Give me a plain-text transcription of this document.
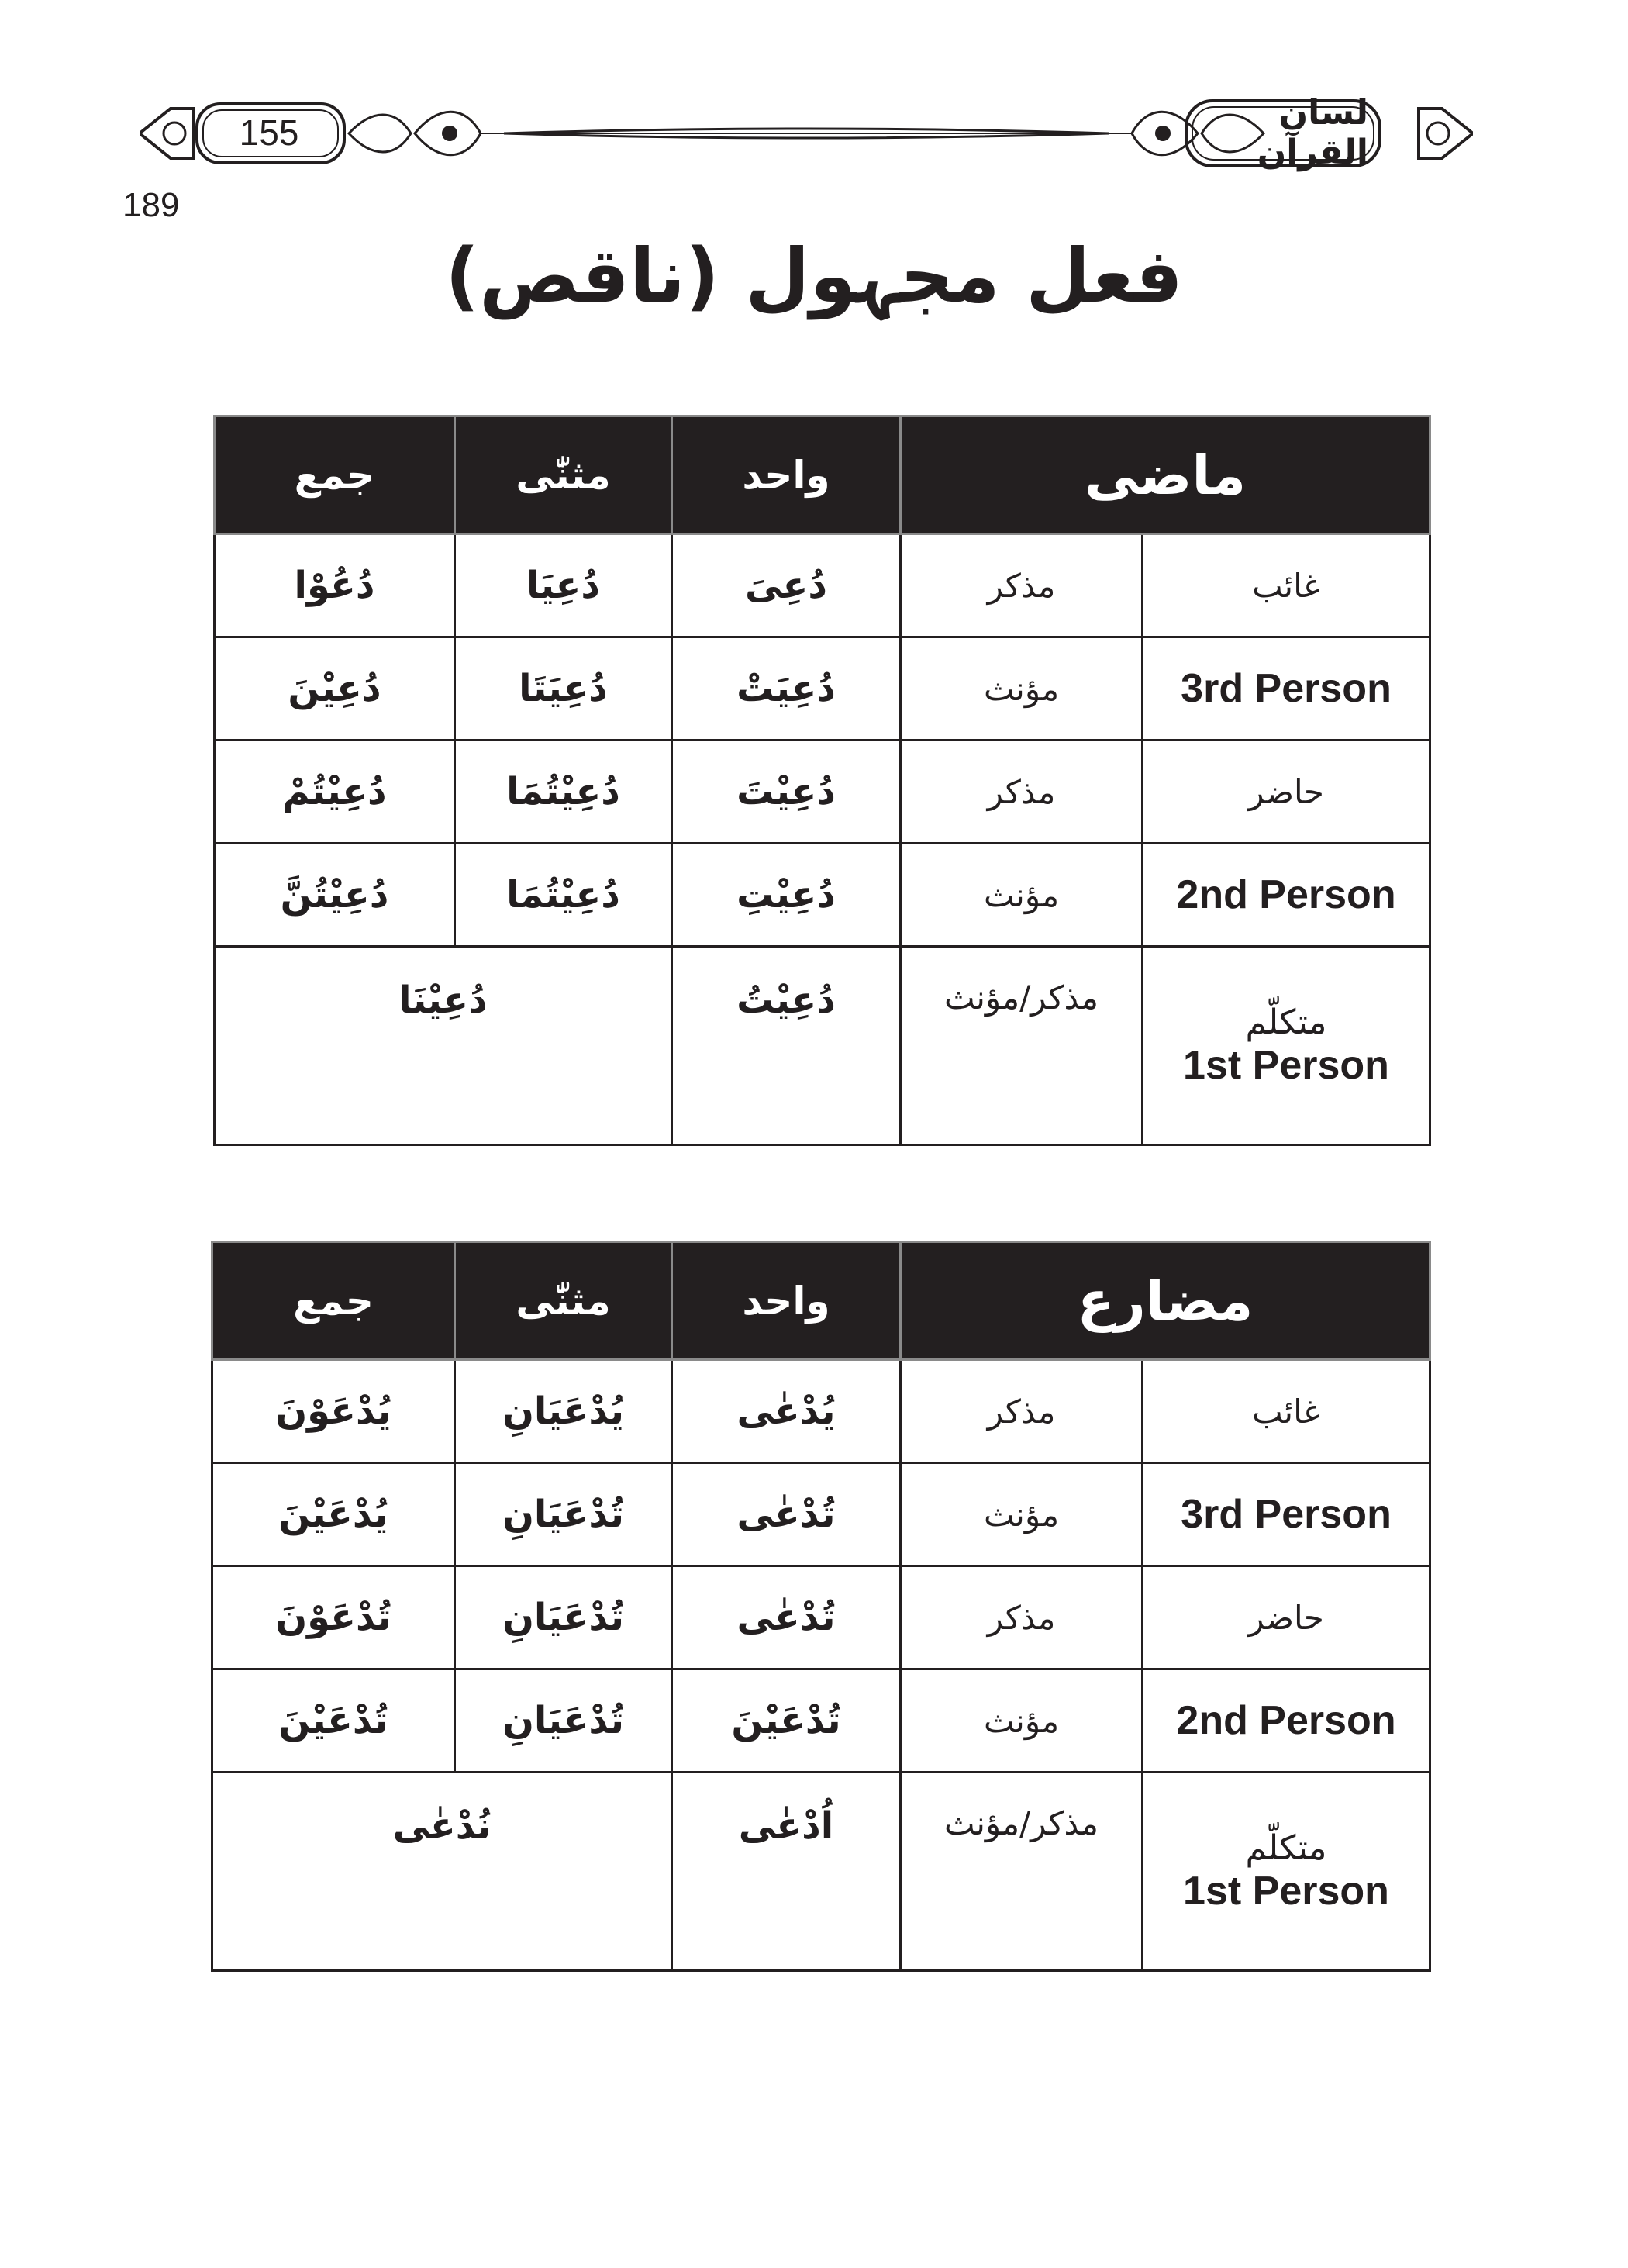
155	لسان القرآن
189
فعل مجہول (ناقص)
جمع	مثنّٰی	واحد	ماضی	
دُعُوْا	دُعِیَا	دُعِیَ	مذکر	غائب
دُعِیْنَ	دُعِیَتَا	دُعِیَتْ	مؤنث	3rd Person
دُعِیْتُمْ	دُعِیْتُمَا	دُعِیْتَ	مذکر	حاضر
دُعِیْتُنَّ	دُعِیْتُمَا	دُعِیْتِ	مؤنث	2nd Person

دُعِیْنَا		دُعِیْتُ	مذکر/مؤنث	متکلّم
1st Person
جمع	مثنّٰی	واحد	مضارع	
یُدْعَوْنَ	یُدْعَیَانِ	یُدْعٰی	مذکر	غائب
یُدْعَیْنَ	تُدْعَیَانِ	تُدْعٰی	مؤنث	3rd Person
تُدْعَوْنَ	تُدْعَیَانِ	تُدْعٰی	مذکر	حاضر
تُدْعَیْنَ	تُدْعَیَانِ	تُدْعَیْنَ	مؤنث	2nd Person

نُدْعٰی		اُدْعٰی	مذکر/مؤنث	متکلّم
1st Person
